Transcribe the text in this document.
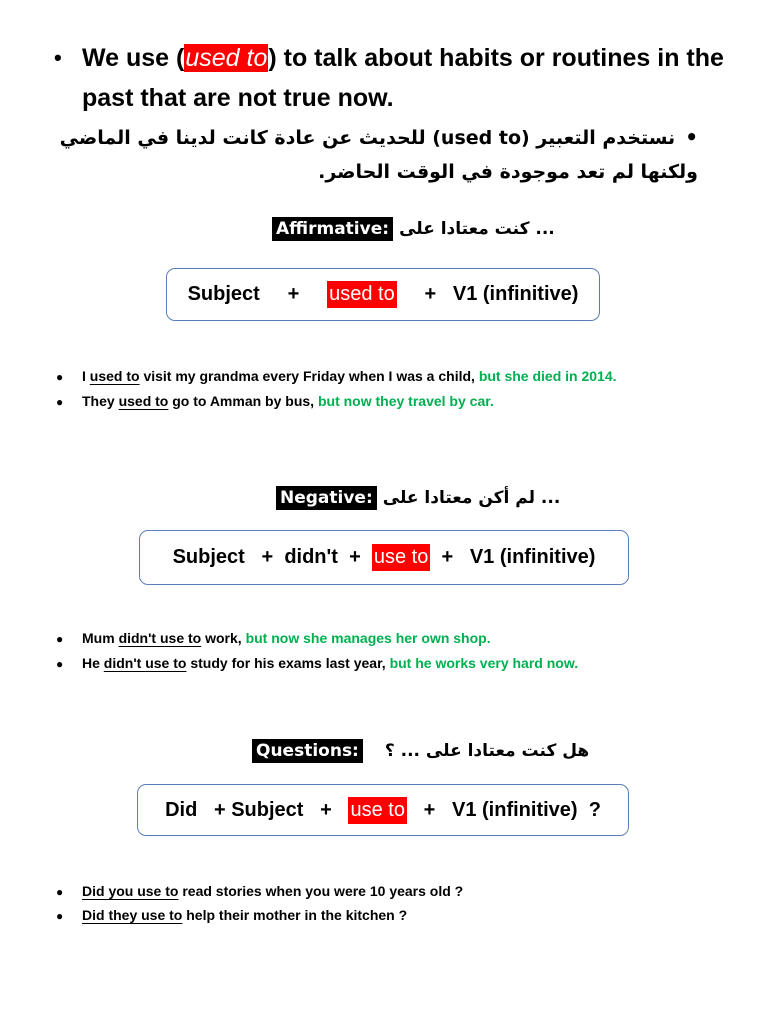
• We use (used to) to talk about habits or routines in the past that are not true now.
•نستخدم التعبير (used to) للحديث عن عادة كانت لدينا في الماضي ولكنها لم تعد موجودة في الوقت الحاضر.
Affirmative: كنت معتادا على ...
Subject
+
used to
+
V1 (infinitive)
● I used to visit my grandma every Friday when I was a child, but she died in 2014.
● They used to go to Amman by bus, but now they travel by car.
Negative: لم أكن معتادا على ...
Subject
+
didn't
+
use to
+
V1 (infinitive)
● Mum didn't use to work, but now she manages her own shop.
● He didn't use to study for his exams last year, but he works very hard now.
Questions: هل كنت معتادا على ... ؟
Did
+
Subject
+
use to
+
V1 (infinitive)
?
● Did you use to read stories when you were 10 years old ?
● Did they use to help their mother in the kitchen ?
